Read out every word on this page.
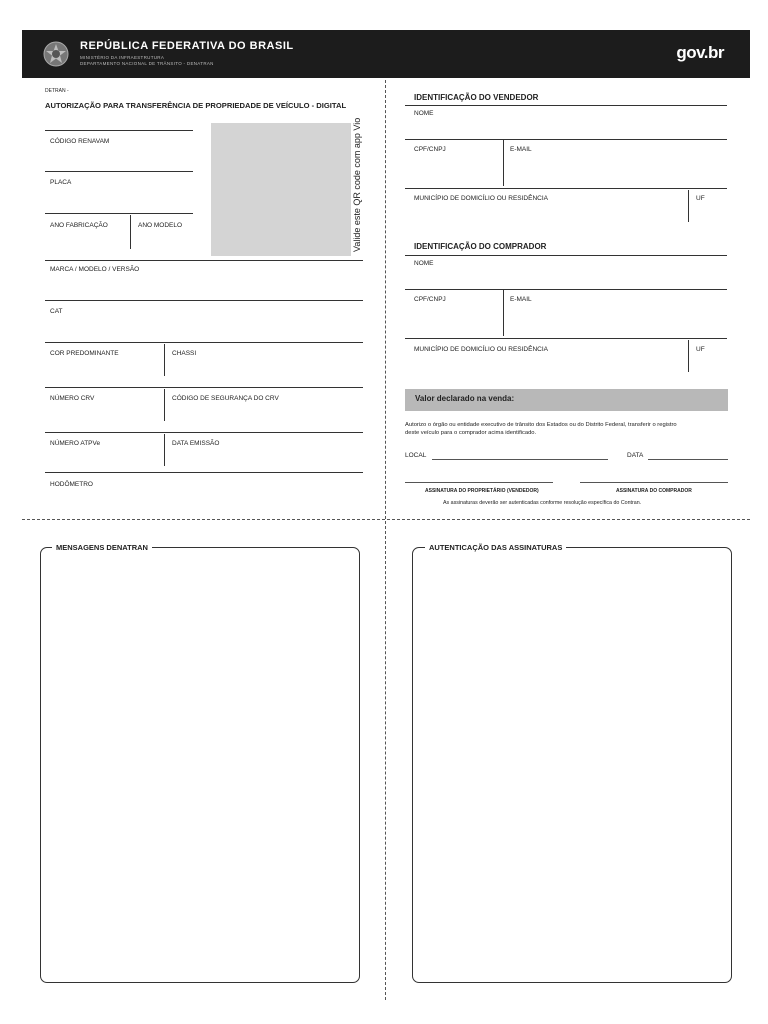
REPÚBLICA FEDERATIVA DO BRASIL
MINISTÉRIO DA INFRAESTRUTURA
DEPARTAMENTO NACIONAL DE TRÂNSITO - DENATRAN
gov.br
DETRAN -
AUTORIZAÇÃO PARA TRANSFERÊNCIA DE PROPRIEDADE DE VEÍCULO - DIGITAL
CÓDIGO RENAVAM
PLACA
ANO FABRICAÇÃO	ANO MODELO	Valide este QR code com app Vio
MARCA / MODELO / VERSÃO
CAT
COR PREDOMINANTE	CHASSI
NÚMERO CRV	CÓDIGO DE SEGURANÇA DO CRV
NÚMERO ATPVe	DATA EMISSÃO
HODÔMETRO
IDENTIFICAÇÃO DO VENDEDOR
NOME
CPF/CNPJ	E-MAIL
MUNICÍPIO DE DOMICÍLIO OU RESIDÊNCIA	UF
IDENTIFICAÇÃO DO COMPRADOR
NOME
CPF/CNPJ	E-MAIL
MUNICÍPIO DE DOMICÍLIO OU RESIDÊNCIA	UF
Valor declarado na venda:
Autorizo o órgão ou entidade executivo de trânsito dos Estados ou do Distrito Federal, transferir o registro
deste veículo para o comprador acima identificado.
LOCAL	DATA
ASSINATURA DO PROPRIETÁRIO (VENDEDOR)	ASSINATURA DO COMPRADOR
As assinaturas deverão ser autenticadas conforme resolução específica do Contran.
MENSAGENS DENATRAN	AUTENTICAÇÃO DAS ASSINATURAS
